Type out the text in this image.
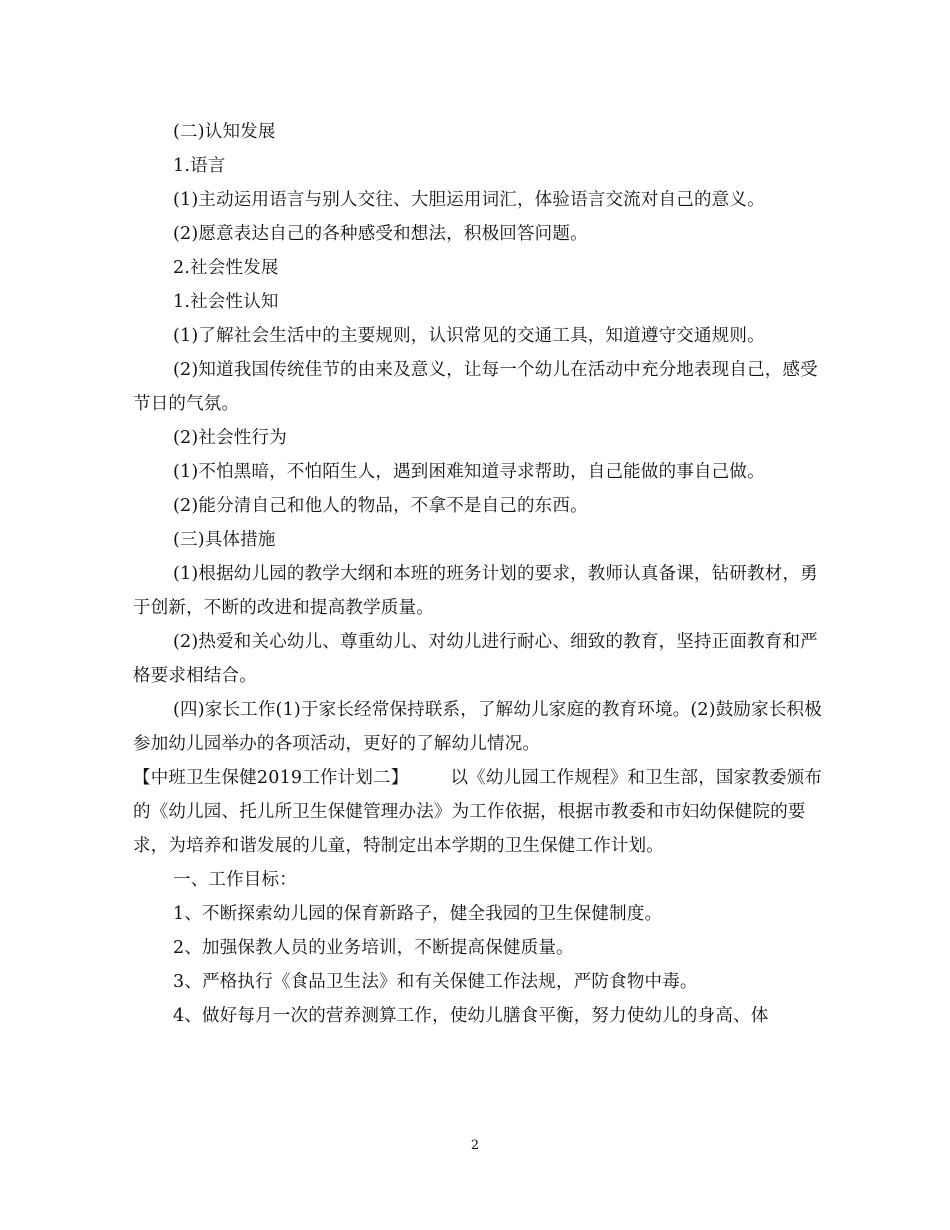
(二)认知发展

1.语言

(1)主动运用语言与别人交往、大胆运用词汇，体验语言交流对自己的意义。

(2)愿意表达自己的各种感受和想法，积极回答问题。

2.社会性发展

1.社会性认知

(1)了解社会生活中的主要规则，认识常见的交通工具，知道遵守交通规则。

(2)知道我国传统佳节的由来及意义，让每一个幼儿在活动中充分地表现自己，感受节日的气氛。

(2)社会性行为

(1)不怕黑暗，不怕陌生人，遇到困难知道寻求帮助，自己能做的事自己做。

(2)能分清自己和他人的物品，不拿不是自己的东西。

(三)具体措施

(1)根据幼儿园的教学大纲和本班的班务计划的要求，教师认真备课，钻研教材，勇于创新，不断的改进和提高教学质量。

(2)热爱和关心幼儿、尊重幼儿、对幼儿进行耐心、细致的教育，坚持正面教育和严格要求相结合。

(四)家长工作(1)于家长经常保持联系，了解幼儿家庭的教育环境。(2)鼓励家长积极参加幼儿园举办的各项活动，更好的了解幼儿情况。

【中班卫生保健2019工作计划二】 以《幼儿园工作规程》和卫生部，国家教委颁布的《幼儿园、托儿所卫生保健管理办法》为工作依据，根据市教委和市妇幼保健院的要求，为培养和谐发展的儿童，特制定出本学期的卫生保健工作计划。

一、工作目标：

1、不断探索幼儿园的保育新路子，健全我园的卫生保健制度。

2、加强保教人员的业务培训，不断提高保健质量。

3、严格执行《食品卫生法》和有关保健工作法规，严防食物中毒。

4、做好每月一次的营养测算工作，使幼儿膳食平衡，努力使幼儿的身高、体

2
